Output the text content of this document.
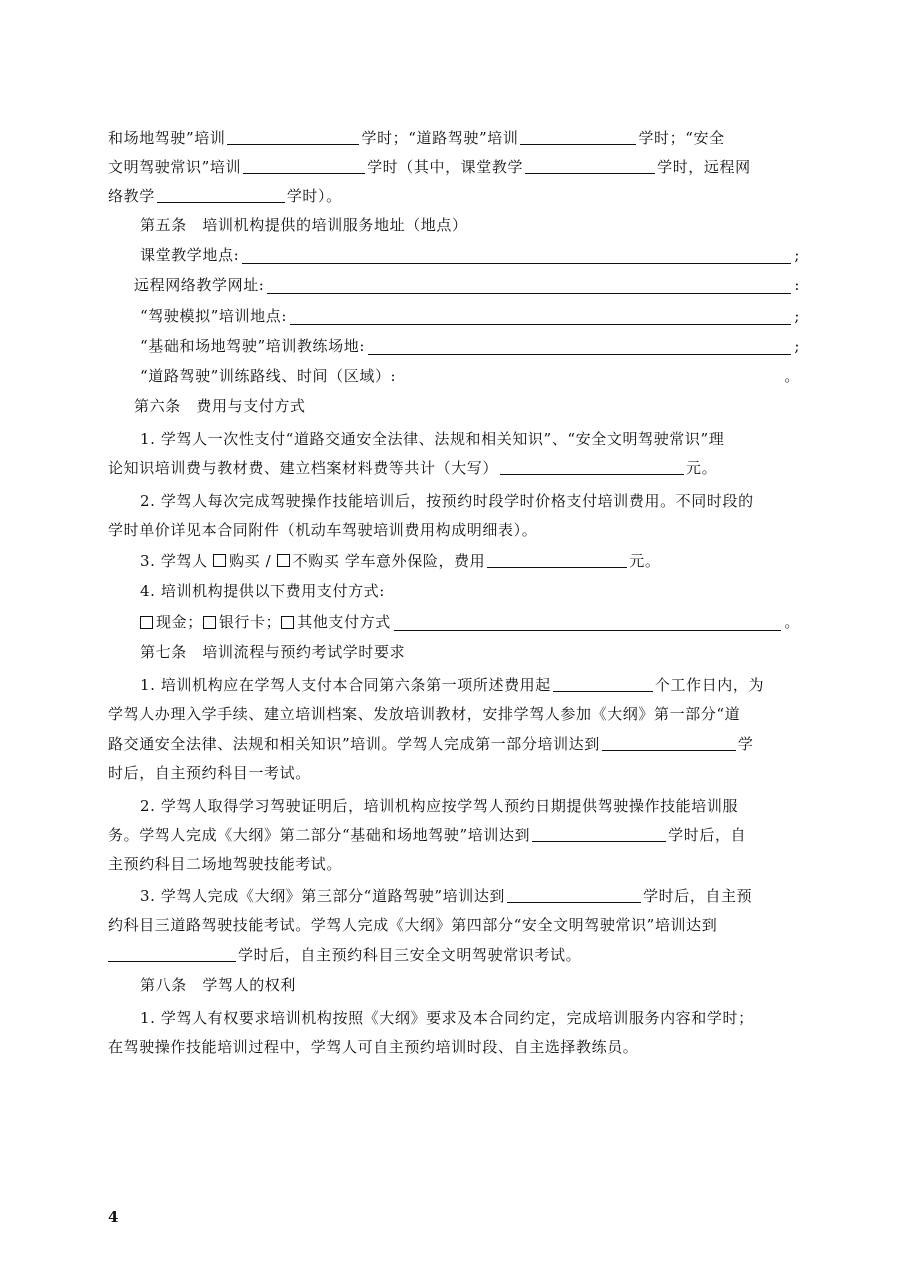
和场地驾驶”培训	学时；“道路驾驶”培训	学时；“安全
文明驾驶常识”培训	学时（其中，课堂教学	学时，远程网
络教学	学时）。
第五条　培训机构提供的培训服务地址（地点）
课堂教学地点:	;
远程网络教学网址:	:
“驾驶模拟”培训地点:	;
“基础和场地驾驶”培训教练场地:	;
“道路驾驶”训练路线、时间（区域）:	。
第六条　费用与支付方式
1. 学驾人一次性支付“道路交通安全法律、法规和相关知识”、“安全文明驾驶常识”理
论知识培训费与教材费、建立档案材料费等共计（大写）	元。
2. 学驾人每次完成驾驶操作技能培训后，按预约时段学时价格支付培训费用。不同时段的
学时单价详见本合同附件（机动车驾驶培训费用构成明细表）。
3. 学驾人 购买 / 不购买 学车意外保险，费用	元。
4. 培训机构提供以下费用支付方式:
现金； 银行卡； 其他支付方式	。
第七条　培训流程与预约考试学时要求
1. 培训机构应在学驾人支付本合同第六条第一项所述费用起	个工作日内，为
学驾人办理入学手续、建立培训档案、发放培训教材，安排学驾人参加《大纲》第一部分“道
路交通安全法律、法规和相关知识”培训。学驾人完成第一部分培训达到	学
时后，自主预约科目一考试。
2. 学驾人取得学习驾驶证明后，培训机构应按学驾人预约日期提供驾驶操作技能培训服
务。学驾人完成《大纲》第二部分“基础和场地驾驶”培训达到	学时后，自
主预约科目二场地驾驶技能考试。
3. 学驾人完成《大纲》第三部分“道路驾驶”培训达到	学时后，自主预
约科目三道路驾驶技能考试。学驾人完成《大纲》第四部分“安全文明驾驶常识”培训达到
学时后，自主预约科目三安全文明驾驶常识考试。
第八条　学驾人的权利
1. 学驾人有权要求培训机构按照《大纲》要求及本合同约定，完成培训服务内容和学时；
在驾驶操作技能培训过程中，学驾人可自主预约培训时段、自主选择教练员。
4
